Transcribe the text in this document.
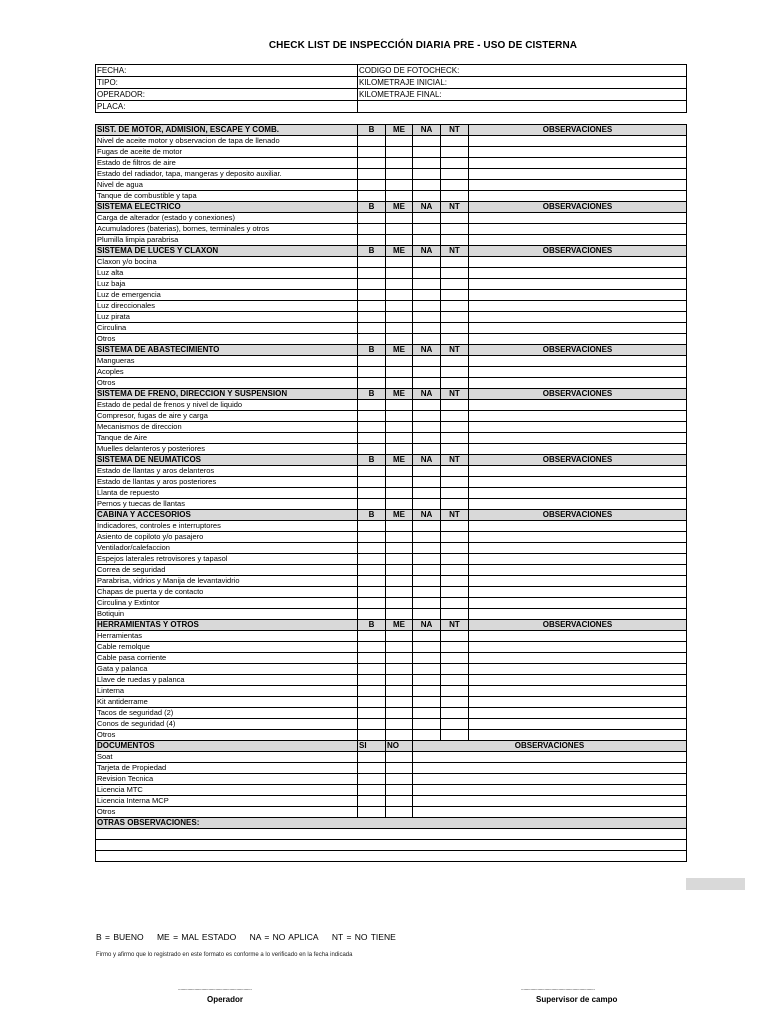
CHECK LIST DE INSPECCIÓN DIARIA PRE - USO DE CISTERNA
FECHA:	CODIGO DE FOTOCHECK:
TIPO:	KILOMETRAJE INICIAL:
OPERADOR:	KILOMETRAJE FINAL:
PLACA:	
SIST. DE MOTOR, ADMISION, ESCAPE Y COMB.	B	ME	NA	NT	OBSERVACIONES
Nivel de aceite motor y observacion de tapa de llenado					
Fugas de aceite de motor					
Estado de filtros de aire					
Estado del radiador, tapa, mangeras y deposito auxiliar.					
Nivel de agua					
Tanque de combustible y tapa					
SISTEMA ELECTRICO	B	ME	NA	NT	OBSERVACIONES
Carga de alterador (estado y conexiones)					
Acumuladores (baterias), bornes, terminales y otros					
Plumilla limpia parabrisa					
SISTEMA DE LUCES Y CLAXON	B	ME	NA	NT	OBSERVACIONES
Claxon y/o bocina					
Luz alta					
Luz baja					
Luz de emergencia					
Luz direccionales					
Luz pirata					
Circulina					
Otros					
SISTEMA DE ABASTECIMIENTO	B	ME	NA	NT	OBSERVACIONES
Mangueras					
Acoples					
Otros					
SISTEMA DE FRENO, DIRECCION Y SUSPENSION	B	ME	NA	NT	OBSERVACIONES
Estado de pedal de frenos y nivel de liquido					
Compresor, fugas de aire y carga					
Mecanismos de direccion					
Tanque de Aire					
Muelles delanteros y posteriores					
SISTEMA DE NEUMATICOS	B	ME	NA	NT	OBSERVACIONES
Estado de llantas y aros delanteros					
Estado de llantas y aros posteriores					
Llanta de repuesto					
Pernos y tuecas de llantas					
CABINA Y ACCESORIOS	B	ME	NA	NT	OBSERVACIONES
Indicadores, controles e interruptores					
Asiento de copiloto y/o pasajero					
Ventilador/calefaccion					
Espejos laterales retrovisores y tapasol					
Correa de seguridad					
Parabrisa, vidrios y Manija de levantavidrio					
Chapas de puerta y de contacto					
Circulina y Extintor					
Botiquin					
HERRAMIENTAS Y OTROS	B	ME	NA	NT	OBSERVACIONES
Herramientas					
Cable remolque					
Cable pasa corriente					
Gata y palanca					
Llave de ruedas y palanca					
Linterna					
Kit antiderrame					
Tacos de seguridad (2)					
Conos de seguridad (4)					
Otros					
DOCUMENTOS	SI	NO	OBSERVACIONES		
Soat					
Tarjeta de Propiedad					
Revision Tecnica					
Licencia MTC					
Licencia Interna MCP					
Otros					
OTRAS OBSERVACIONES:					

B = BUENO ME = MAL ESTADO NA = NO APLICA NT = NO TIENE
Firmo y afirmo que lo registrado en este formato es conforme a lo verificado en la fecha indicada
...............................................................	...............................................................
Operador	Supervisor de campo
